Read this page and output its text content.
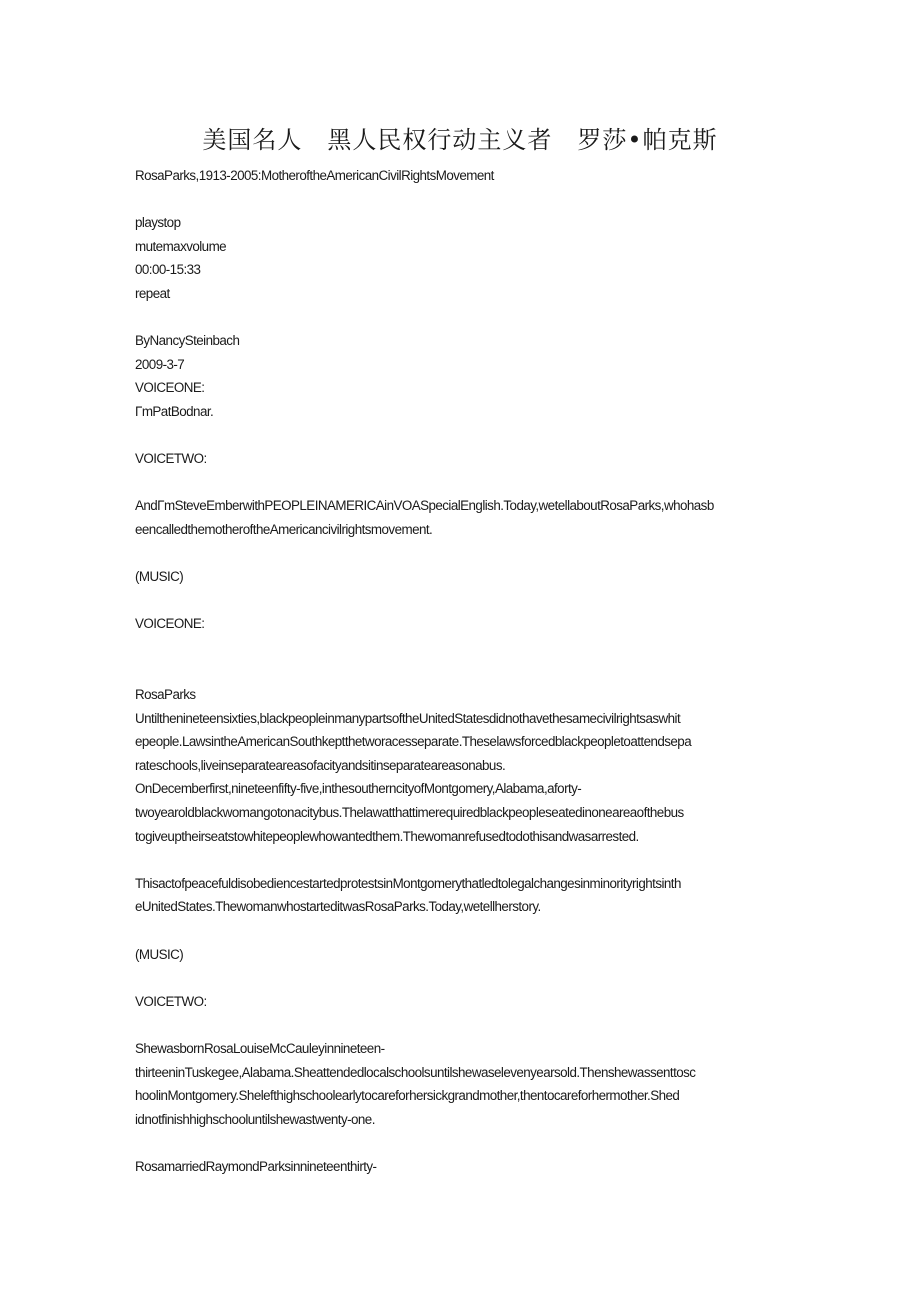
美国名人　黑人民权行动主义者　罗莎•帕克斯
RosaParks,1913-2005:MotheroftheAmericanCivilRightsMovement
playstop
mutemaxvolume
00:00-15:33
repeat
ByNancySteinbach
2009-3-7
VOICEONE:
ΓmPatBodnar.
VOICETWO:
AndΓmSteveEmberwithPEOPLEINAMERICAinVOASpecialEnglish.Today,wetellaboutRosaParks,whohasb
eencalledthemotheroftheAmericancivilrightsmovement.
(MUSIC)
VOICEONE:
RosaParks
Untilthenineteensixties,blackpeopleinmanypartsoftheUnitedStatesdidnothavethesamecivilrightsaswhit
epeople.LawsintheAmericanSouthkeptthetworacesseparate.Theselawsforcedblackpeopletoattendsepa
rateschools,liveinseparateareasofacityandsitinseparateareasonabus.
OnDecemberfirst,nineteenfifty-five,inthesoutherncityofMontgomery,Alabama,aforty-
twoyearoldblackwomangotonacitybus.Thelawatthattimerequiredblackpeopleseatedinoneareaofthebus
togiveuptheirseatstowhitepeoplewhowantedthem.Thewomanrefusedtodothisandwasarrested.
ThisactofpeacefuldisobediencestartedprotestsinMontgomerythatledtolegalchangesinminorityrightsinth
eUnitedStates.ThewomanwhostarteditwasRosaParks.Today,wetellherstory.
(MUSIC)
VOICETWO:
ShewasbornRosaLouiseMcCauleyinnineteen-
thirteeninTuskegee,Alabama.Sheattendedlocalschoolsuntilshewaselevenyearsold.Thenshewassenttosc
hoolinMontgomery.Shelefthighschoolearlytocareforhersickgrandmother,thentocareforhermother.Shed
idnotfinishhighschooluntilshewastwenty-one.
RosamarriedRaymondParksinnineteenthirty-
